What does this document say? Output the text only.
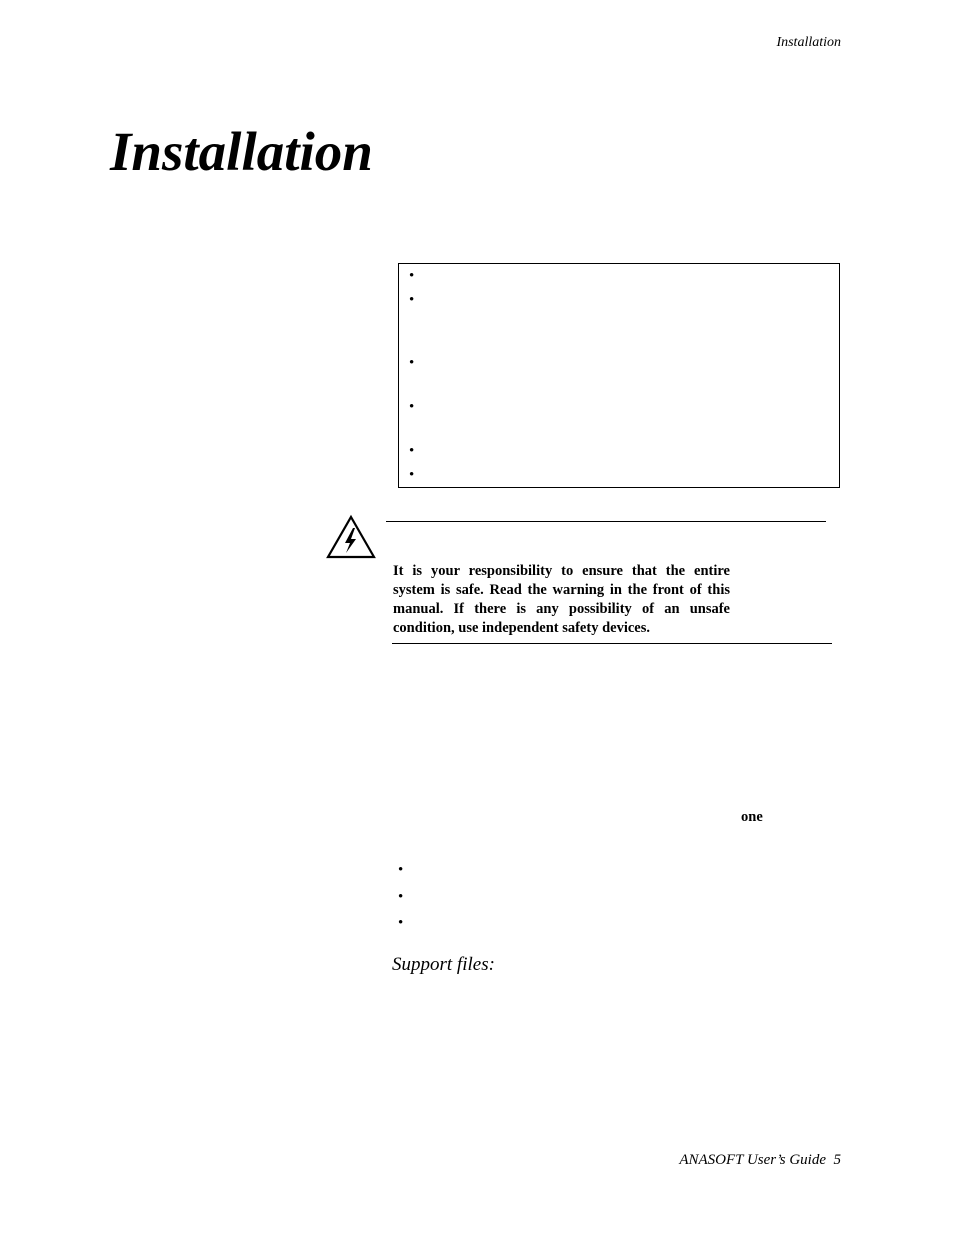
Installation
Installation
•
•
•
•
•
•

It is your responsibility to ensure that the entire system is safe. Read the warning in the front of this manual. If there is any possibility of an unsafe condition, use independent safety devices.

one
•
•
•
Support files:
ANASOFT User’s Guide 5
